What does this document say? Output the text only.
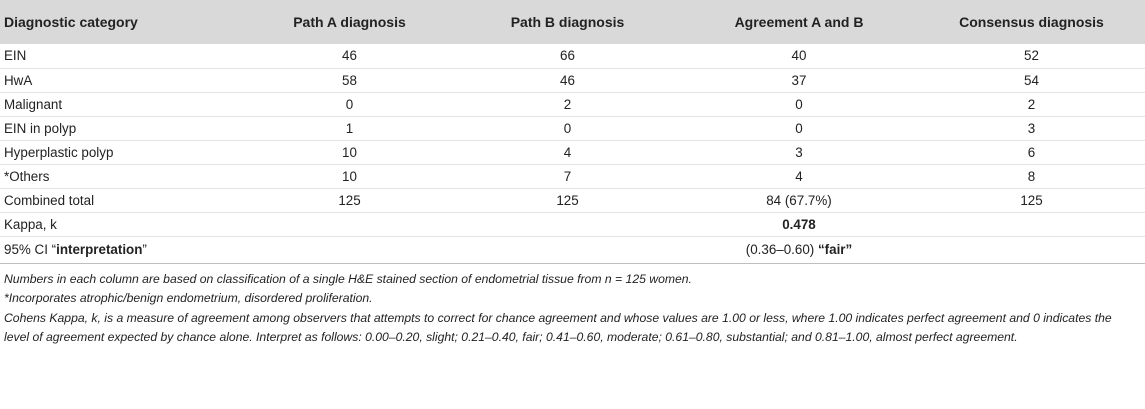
Diagnostic category	Path A diagnosis	Path B diagnosis	Agreement A and B	Consensus diagnosis
EIN	46	66	40	52
HwA	58	46	37	54
Malignant	0	2	0	2
EIN in polyp	1	0	0	3
Hyperplastic polyp	10	4	3	6
*Others	10	7	4	8
Combined total	125	125	84 (67.7%)	125
Kappa, k			0.478	
95% CI “interpretation”			(0.36–0.60) “fair”	

Numbers in each column are based on classification of a single H&E stained section of endometrial tissue from n = 125 women.

*Incorporates atrophic/benign endometrium, disordered proliferation.

Cohens Kappa, k, is a measure of agreement among observers that attempts to correct for chance agreement and whose values are 1.00 or less, where 1.00 indicates perfect agreement and 0 indicates the level of agreement expected by chance alone. Interpret as follows: 0.00–0.20, slight; 0.21–0.40, fair; 0.41–0.60, moderate; 0.61–0.80, substantial; and 0.81–1.00, almost perfect agreement.
